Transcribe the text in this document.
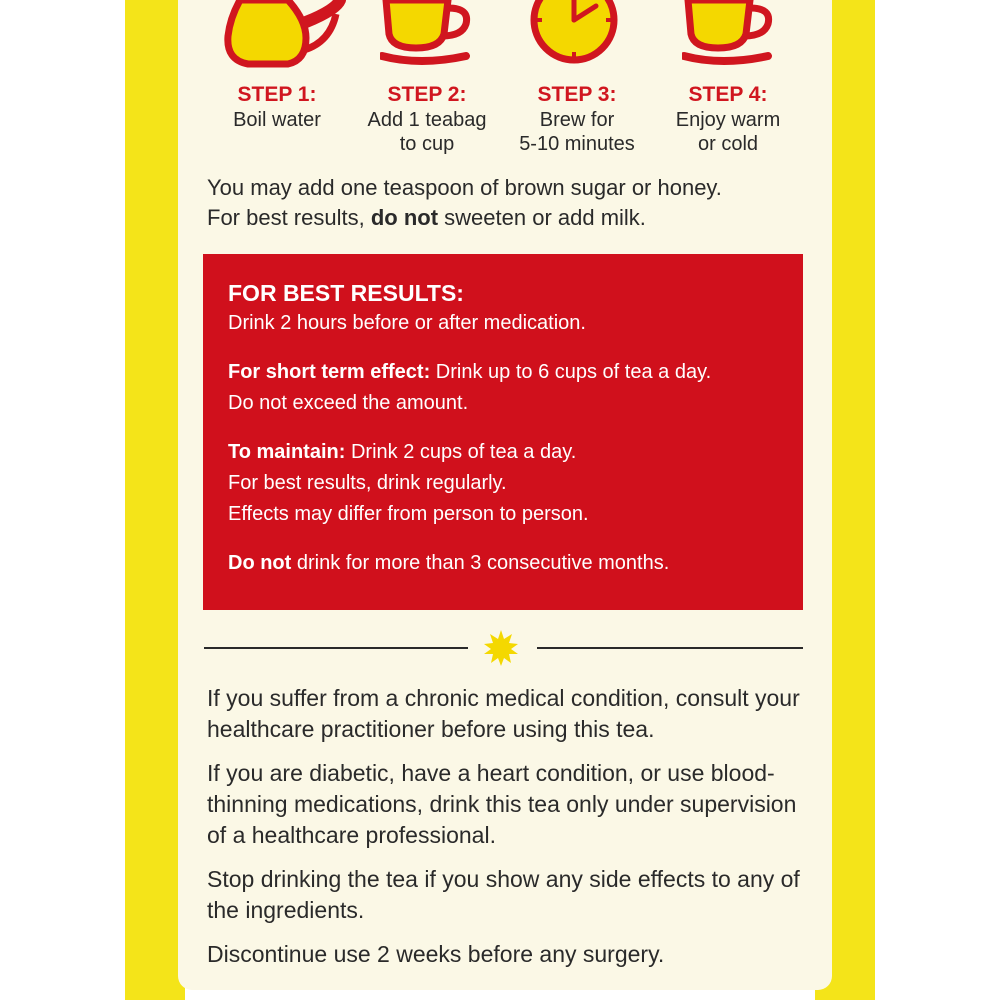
STEP 1:
Boil water
STEP 2:
Add 1 teabag
to cup
STEP 3:
Brew for
5-10 minutes
STEP 4:
Enjoy warm
or cold

You may add one teaspoon of brown sugar or honey.

For best results, do not sweeten or add milk.

FOR BEST RESULTS:

Drink 2 hours before or after medication.

For short term effect: Drink up to 6 cups of tea a day.

Do not exceed the amount.

To maintain: Drink 2 cups of tea a day.

For best results, drink regularly.

Effects may differ from person to person.

Do not drink for more than 3 consecutive months.

If you suffer from a chronic medical condition, consult your healthcare practitioner before using this tea.

If you are diabetic, have a heart condition, or use blood-thinning medications, drink this tea only under supervision of a healthcare professional.

Stop drinking the tea if you show any side effects to any of the ingredients.

Discontinue use 2 weeks before any surgery.
